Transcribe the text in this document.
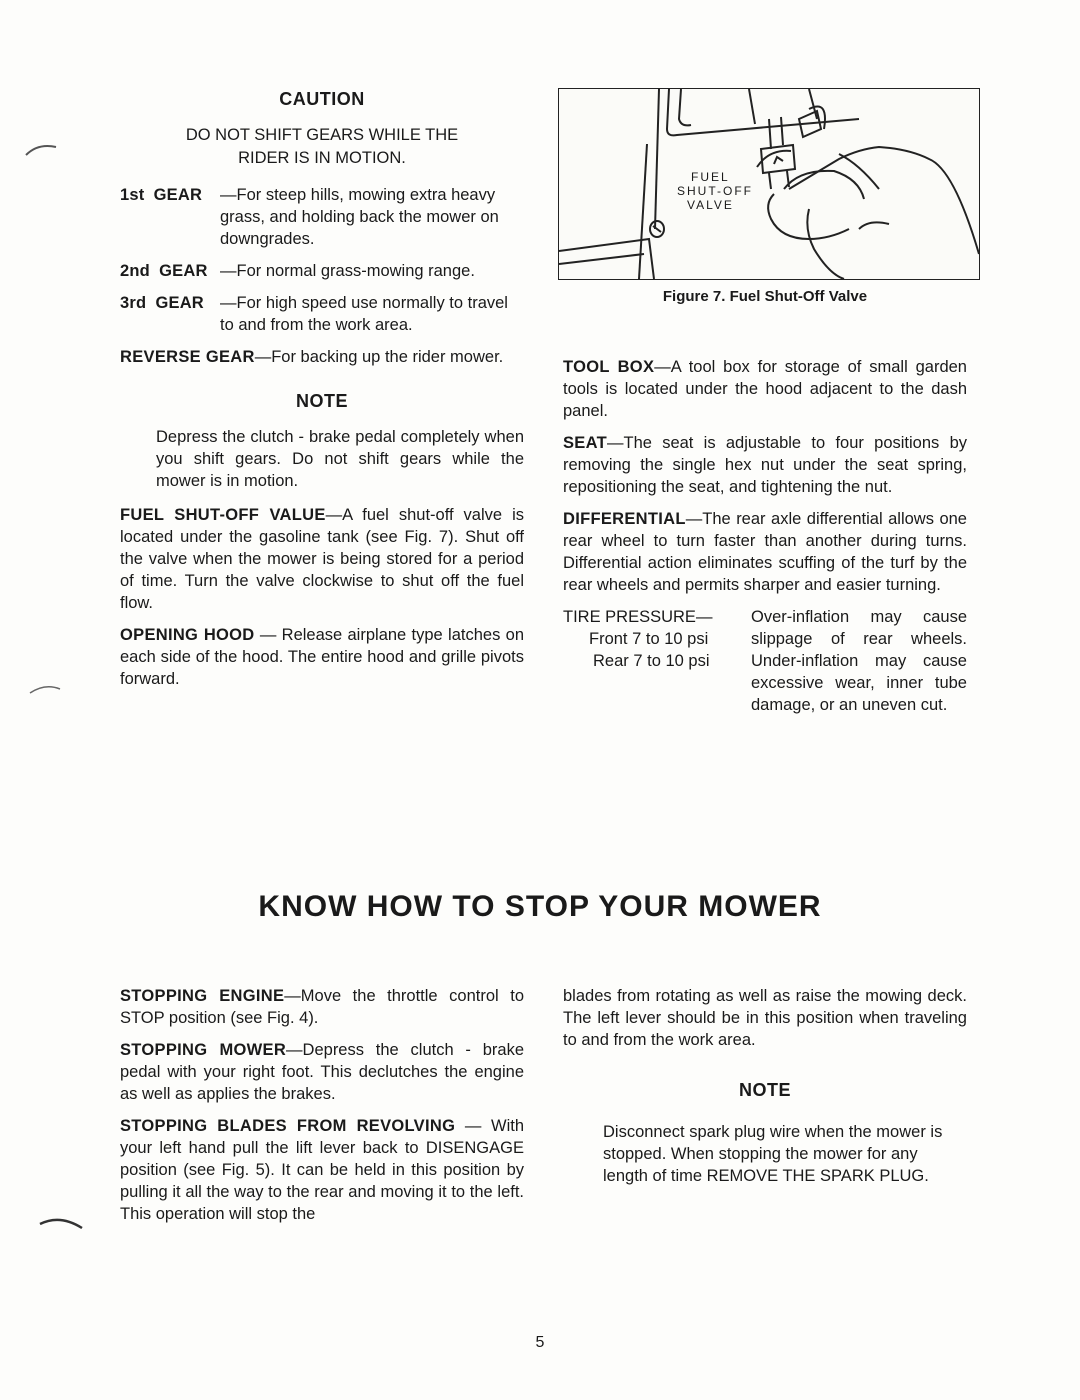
CAUTION
DO NOT SHIFT GEARS WHILE THE
RIDER IS IN MOTION.
1st GEAR	—For steep hills, mowing extra heavy grass, and holding back the mower on downgrades.
2nd GEAR —For normal grass-mowing range.
3rd GEAR —For high speed use normally to travel to and from the work area.
REVERSE GEAR—For backing up the rider mower.
NOTE
Depress the clutch - brake pedal completely when you shift gears. Do not shift gears while the mower is in motion.
FUEL SHUT-OFF VALUE—A fuel shut-off valve is located under the gasoline tank (see Fig. 7). Shut off the valve when the mower is being stored for a period of time. Turn the valve clockwise to shut off the fuel flow.
OPENING HOOD — Release airplane type latches on each side of the hood. The entire hood and grille pivots forward.
FUEL
SHUT-OFF
VALVE
Figure 7. Fuel Shut-Off Valve
TOOL BOX—A tool box for storage of small garden tools is located under the hood adjacent to the dash panel.
SEAT—The seat is adjustable to four positions by removing the single hex nut under the seat spring, repositioning the seat, and tightening the nut.
DIFFERENTIAL—The rear axle differential allows one rear wheel to turn faster than another during turns. Differential action eliminates scuffing of the turf by the rear wheels and permits sharper and easier turning.
TIRE PRESSURE—
Front 7 to 10 psi
Rear 7 to 10 psi
Over-inflation may cause slippage of rear wheels. Under-inflation may cause excessive wear, inner tube damage, or an uneven cut.
KNOW HOW TO STOP YOUR MOWER
STOPPING ENGINE—Move the throttle control to STOP position (see Fig. 4).
STOPPING MOWER—Depress the clutch - brake pedal with your right foot. This declutches the engine as well as applies the brakes.
STOPPING BLADES FROM REVOLVING — With your left hand pull the lift lever back to DISENGAGE position (see Fig. 5). It can be held in this position by pulling it all the way to the rear and moving it to the left. This operation will stop the
blades from rotating as well as raise the mowing deck. The left lever should be in this position when traveling to and from the work area.
NOTE
Disconnect spark plug wire when the mower is stopped. When stopping the mower for any length of time REMOVE THE SPARK PLUG.
5
